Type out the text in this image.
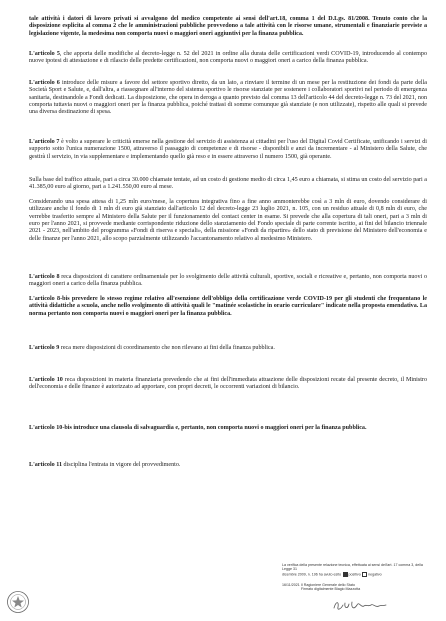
tale attività i datori di lavoro privati si avvalgono del medico competente ai sensi dell'art.18, comma 1 del D.Lgs. 81/2008. Tenuto conto che la disposizione esplicita al comma 2 che le amministrazioni pubbliche provvedono a tale attività con le risorse umane, strumentali e finanziarie previste a legislazione vigente, la medesima non comporta nuovi o maggiori oneri aggiuntivi per la finanza pubblica.

L'articolo 5, che apporta delle modifiche al decreto-legge n. 52 del 2021 in ordine alla durata delle certificazioni verdi COVID-19, introducendo al contempo nuove ipotesi di attestazione e di rilascio delle predette certificazioni, non comporta nuovi o maggiori oneri a carico della finanza pubblica.

L'articolo 6 introduce delle misure a favore del settore sportivo diretto, da un lato, a rinviare il termine di un mese per la restituzione dei fondi da parte della Società Sport e Salute, e, dall'altra, a riassegnare all'interno del sistema sportivo le risorse stanziate per sostenere i collaboratori sportivi nel periodo di emergenza sanitaria, destinandole a Fondi dedicati. La disposizione, che opera in deroga a quanto previsto dal comma 13 dell'articolo 44 del decreto-legge n. 73 del 2021, non comporta tuttavia nuovi o maggiori oneri per la finanza pubblica, poiché trattasi di somme comunque già stanziate (e non utilizzate), rispetto alle quali si prevede una diversa destinazione di spesa.

L'articolo 7 è volto a superare le criticità emerse nella gestione del servizio di assistenza ai cittadini per l'uso del Digital Covid Certificate, unificando i servizi di supporto sotto l'unica numerazione 1500, attraverso il passaggio di competenze e di risorse - disponibili e anzi da incrementare - al Ministero della Salute, che gestirà il servizio, in via supplementare e implementando quello già reso e in essere attraverso il numero 1500, già operante.

Sulla base del traffico attuale, pari a circa 30.000 chiamate tentate, ad un costo di gestione medio di circa 1,45 euro a chiamata, si stima un costo del servizio pari a 41.385,00 euro al giorno, pari a 1.241.550,00 euro al mese.

Considerando una spesa attesa di 1,25 mln euro/mese, la copertura integrativa fino a fine anno ammonterebbe così a 3 mln di euro, dovendo considerare di utilizzare anche il fondo di 1 mln di euro già stanziato dall'articolo 12 del decreto-legge 23 luglio 2021, n. 105, con un residuo attuale di 0,8 mln di euro, che verrebbe trasferito sempre al Ministero della Salute per il funzionamento del contact center in esame. Si prevede che alla copertura di tali oneri, pari a 3 mln di euro per l'anno 2021, si provvede mediante corrispondente riduzione dello stanziamento del Fondo speciale di parte corrente iscritto, ai fini del bilancio triennale 2021 - 2023, nell'ambito del programma «Fondi di riserva e speciali», della missione «Fondi da ripartire» dello stato di previsione del Ministero dell'economia e delle finanze per l'anno 2021, allo scopo parzialmente utilizzando l'accantonamento relativo al medesimo Ministero.

L'articolo 8 reca disposizioni di carattere ordinamentale per lo svolgimento delle attività culturali, sportive, sociali e ricreative e, pertanto, non comporta nuovi o maggiori oneri a carico della finanza pubblica.

L'articolo 8-bis prevedere lo stesso regime relativo all'esenzione dell'obbligo della certificazione verde COVID-19 per gli studenti che frequentano le attività didattiche a scuola, anche nello svolgimento di attività quali le "matinée scolastiche in orario curriculare" indicate nella proposta emendativa. La norma pertanto non comporta nuovi o maggiori oneri per la finanza pubblica.

L'articolo 9 reca mere disposizioni di coordinamento che non rilevano ai fini della finanza pubblica.

L'articolo 10 reca disposizioni in materia finanziaria prevedendo che ai fini dell'immediata attuazione delle disposizioni recate dal presente decreto, il Ministro dell'economia e delle finanze è autorizzato ad apportare, con propri decreti, le occorrenti variazioni di bilancio.

L'articolo 10-bis introduce una clausola di salvaguardia e, pertanto, non comporta nuovi o maggiori oneri per la finanza pubblica.

L'articolo 11 disciplina l'entrata in vigore del provvedimento.

La verifica della presente relazione tecnica, effettuata ai sensi dell'art. 17 comma 3, della Legge 31
dicembre 2009, n. 196 ha avuto esito positivo negativo
16/11/2021 Il Ragioniere Generale dello Stato
Firmato digitalmente Biagio Mazzotta
